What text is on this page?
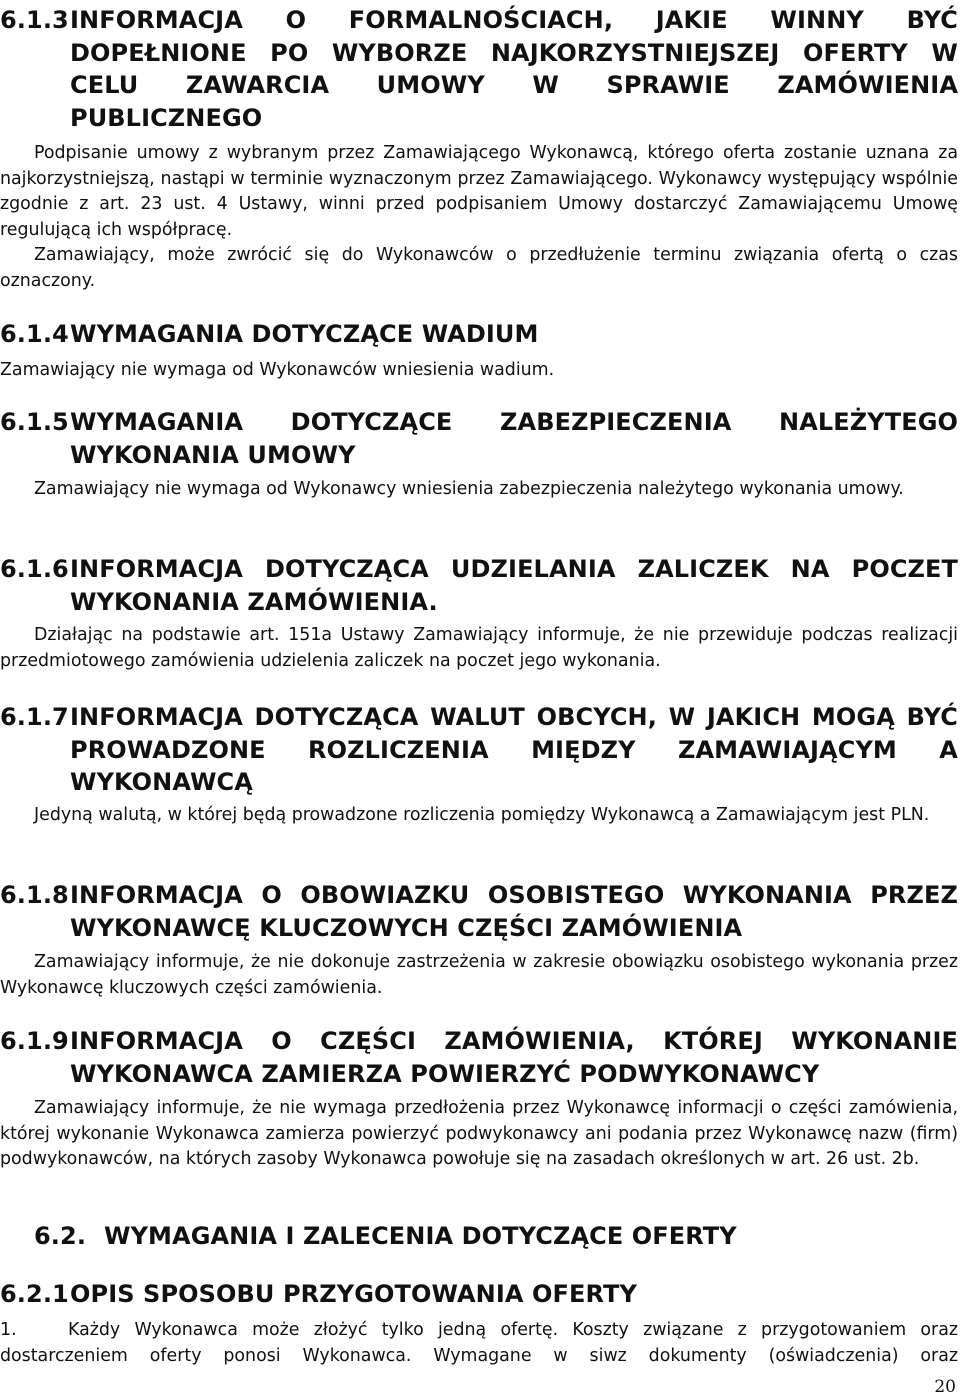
6.1.3 INFORMACJA O FORMALNOŚCIACH, JAKIE WINNY BYĆ DOPEŁNIONE PO WYBORZE NAJKORZYSTNIEJSZEJ OFERTY W CELU ZAWARCIA UMOWY W SPRAWIE ZAMÓWIENIA PUBLICZNEGO
Podpisanie umowy z wybranym przez Zamawiającego Wykonawcą, którego oferta zostanie uznana za najkorzystniejszą, nastąpi w terminie wyznaczonym przez Zamawiającego. Wykonawcy występujący wspólnie zgodnie z art. 23 ust. 4 Ustawy, winni przed podpisaniem Umowy dostarczyć Zamawiającemu Umowę regulującą ich współpracę.
Zamawiający, może zwrócić się do Wykonawców o przedłużenie terminu związania ofertą o czas oznaczony.
6.1.4 WYMAGANIA DOTYCZĄCE WADIUM
Zamawiający nie wymaga od Wykonawców wniesienia wadium.
6.1.5 WYMAGANIA DOTYCZĄCE ZABEZPIECZENIA NALEŻYTEGO WYKONANIA UMOWY
Zamawiający nie wymaga od Wykonawcy wniesienia zabezpieczenia należytego wykonania umowy.
6.1.6 INFORMACJA DOTYCZĄCA UDZIELANIA ZALICZEK NA POCZET WYKONANIA ZAMÓWIENIA.
Działając na podstawie art. 151a Ustawy Zamawiający informuje, że nie przewiduje podczas realizacji przedmiotowego zamówienia udzielenia zaliczek na poczet jego wykonania.
6.1.7 INFORMACJA DOTYCZĄCA WALUT OBCYCH, W JAKICH MOGĄ BYĆ PROWADZONE ROZLICZENIA MIĘDZY ZAMAWIAJĄCYM A WYKONAWCĄ
Jedyną walutą, w której będą prowadzone rozliczenia pomiędzy Wykonawcą a Zamawiającym jest PLN.
6.1.8 INFORMACJA O OBOWIAZKU OSOBISTEGO WYKONANIA PRZEZ WYKONAWCĘ KLUCZOWYCH CZĘŚCI ZAMÓWIENIA
Zamawiający informuje, że nie dokonuje zastrzeżenia w zakresie obowiązku osobistego wykonania przez Wykonawcę kluczowych części zamówienia.
6.1.9 INFORMACJA O CZĘŚCI ZAMÓWIENIA, KTÓREJ WYKONANIE WYKONAWCA ZAMIERZA POWIERZYĆ PODWYKONAWCY
Zamawiający informuje, że nie wymaga przedłożenia przez Wykonawcę informacji o części zamówienia, której wykonanie Wykonawca zamierza powierzyć podwykonawcy ani podania przez Wykonawcę nazw (firm) podwykonawców, na których zasoby Wykonawca powołuje się na zasadach określonych w art. 26 ust. 2b.
6.2. WYMAGANIA I ZALECENIA DOTYCZĄCE OFERTY
6.2.1 OPIS SPOSOBU PRZYGOTOWANIA OFERTY
1.	Każdy Wykonawca może złożyć tylko jedną ofertę. Koszty związane z przygotowaniem oraz dostarczeniem oferty ponosi Wykonawca. Wymagane w siwz dokumenty (oświadczenia) oraz
20
